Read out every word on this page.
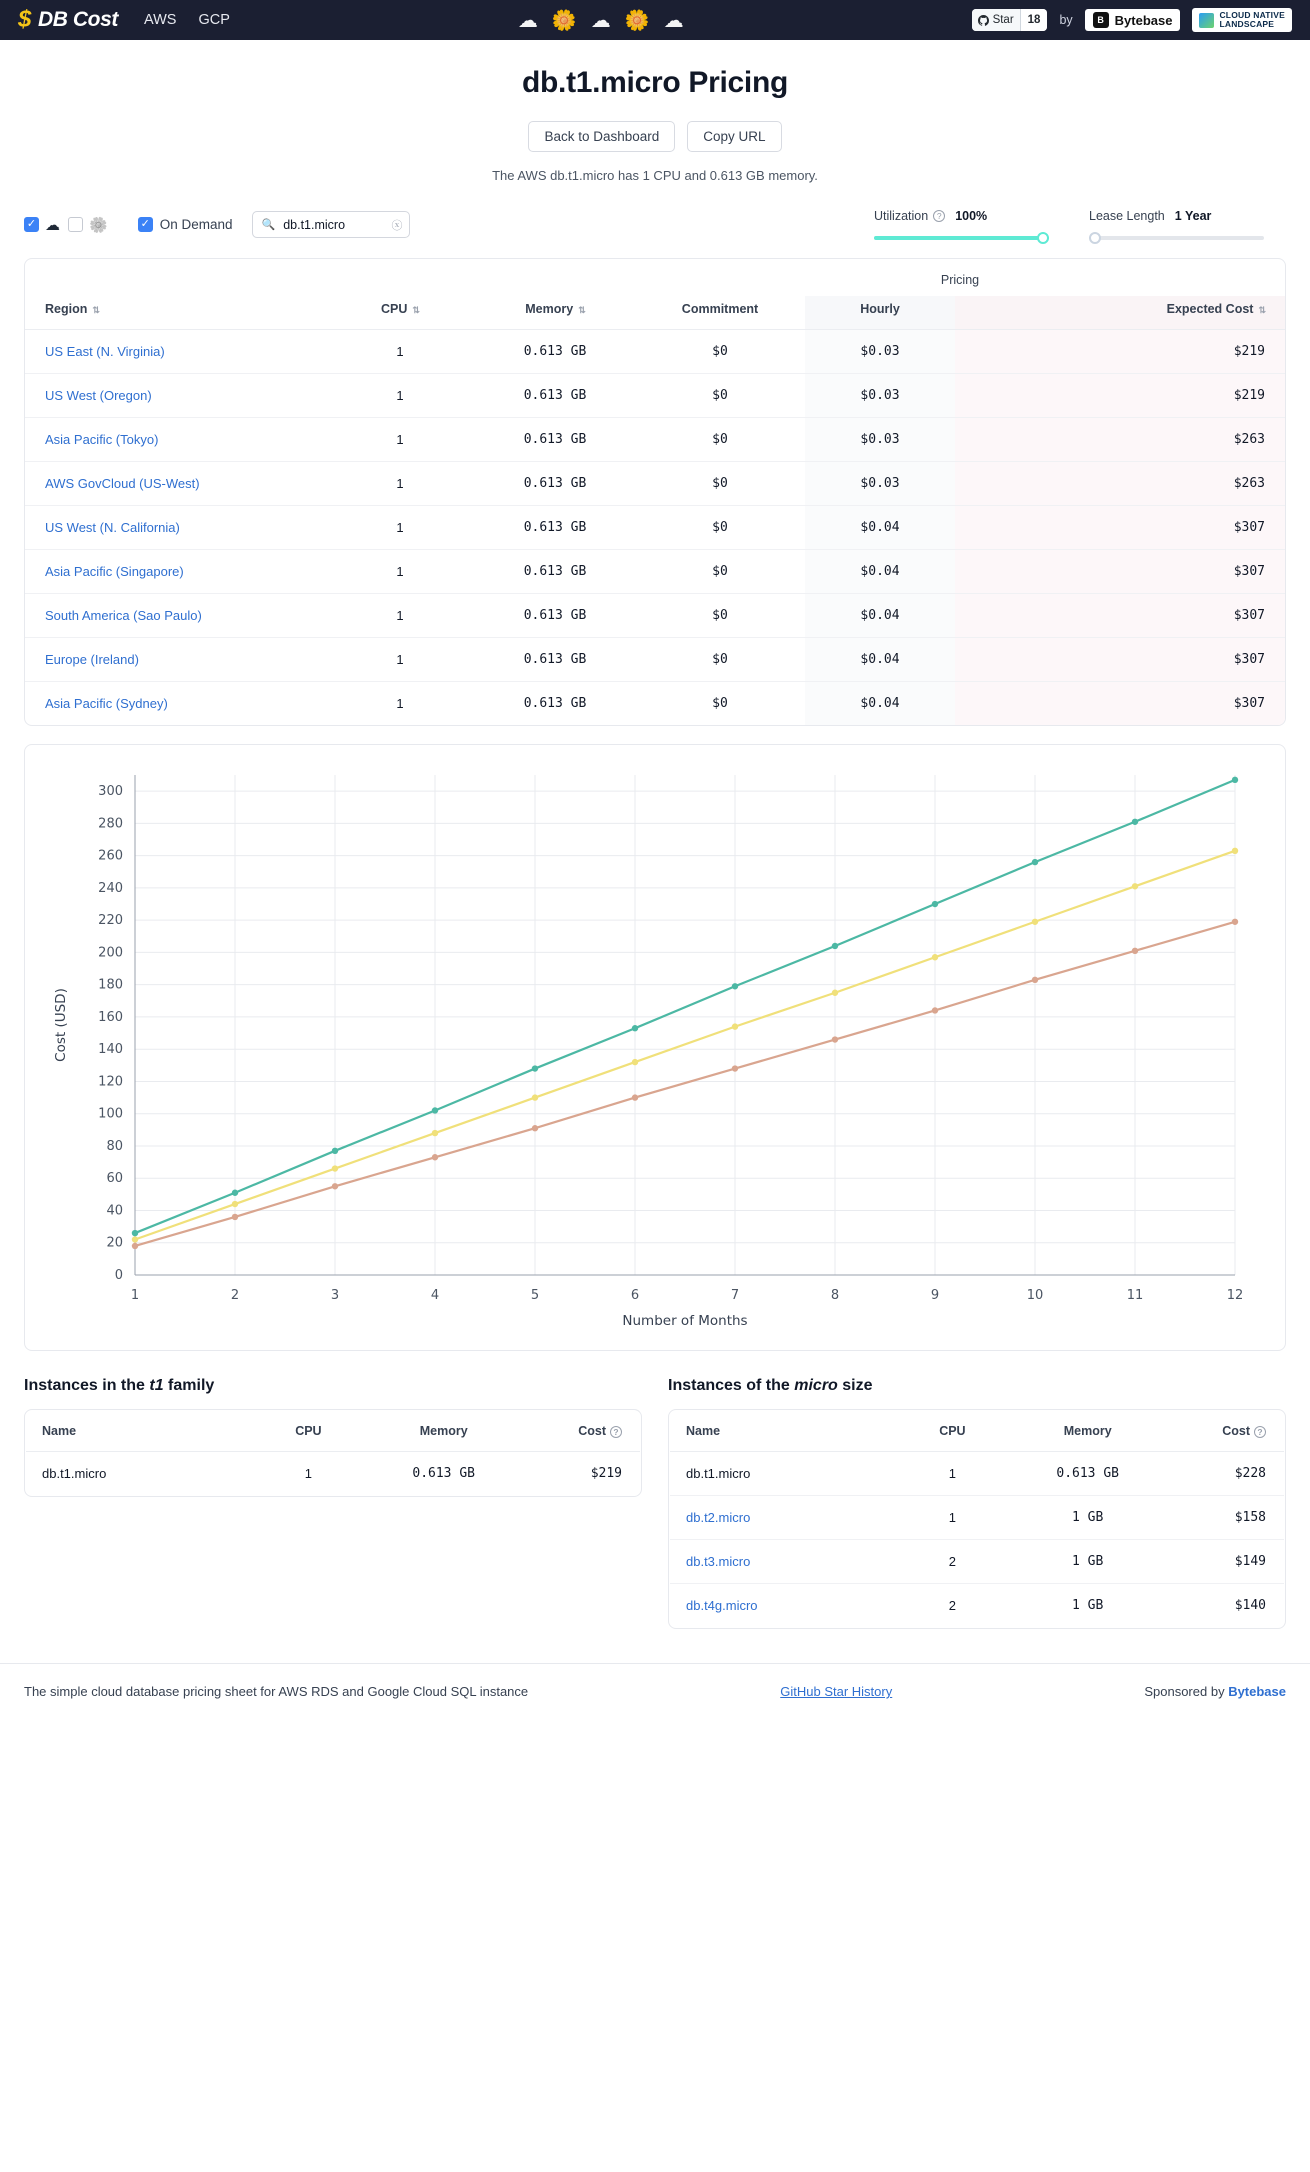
$ DB Cost AWS GCP	☁ 🌼 ☁ 🌼 ☁	Star	18	by	B Bytebase	CLOUD NATIVE
LANDSCAPE
db.t1.micro Pricing
Back to Dashboard	Copy URL
The AWS db.t1.micro has 1 CPU and 0.613 GB memory.
✓ ☁ 🌼	✓ On Demand	🔍
db.t1.micro	ⓧ
Utilization	? 100%	Lease Length 1 Year
			Pricing		
Region ⇅	CPU ⇅	Memory ⇅	Commitment	Hourly	Expected Cost ⇅
US East (N. Virginia)	1	0.613 GB	$0	$0.03	$219
US West (Oregon)	1	0.613 GB	$0	$0.03	$219
Asia Pacific (Tokyo)	1	0.613 GB	$0	$0.03	$263
AWS GovCloud (US-West)	1	0.613 GB	$0	$0.03	$263
US West (N. California)	1	0.613 GB	$0	$0.04	$307
Asia Pacific (Singapore)	1	0.613 GB	$0	$0.04	$307
South America (Sao Paulo)	1	0.613 GB	$0	$0.04	$307
Europe (Ireland)	1	0.613 GB	$0	$0.04	$307
Asia Pacific (Sydney)	1	0.613 GB	$0	$0.04	$307
0
20
40
60
80
100
120
140
160
180
200
220
240
260
280
300
1	2	3	4	5	6	7	8	9	10	11	12
Number of Months
Cost (USD)
Instances in the t1 family
Name	CPU	Memory	Cost ?
db.t1.micro	1	0.613 GB	$219
Instances of the micro size
Name	CPU	Memory	Cost ?
db.t1.micro	1	0.613 GB	$228
db.t2.micro	1	1 GB	$158
db.t3.micro	2	1 GB	$149
db.t4g.micro	2	1 GB	$140
The simple cloud database pricing sheet for AWS RDS and Google Cloud SQL instance	GitHub Star History	Sponsored by Bytebase
